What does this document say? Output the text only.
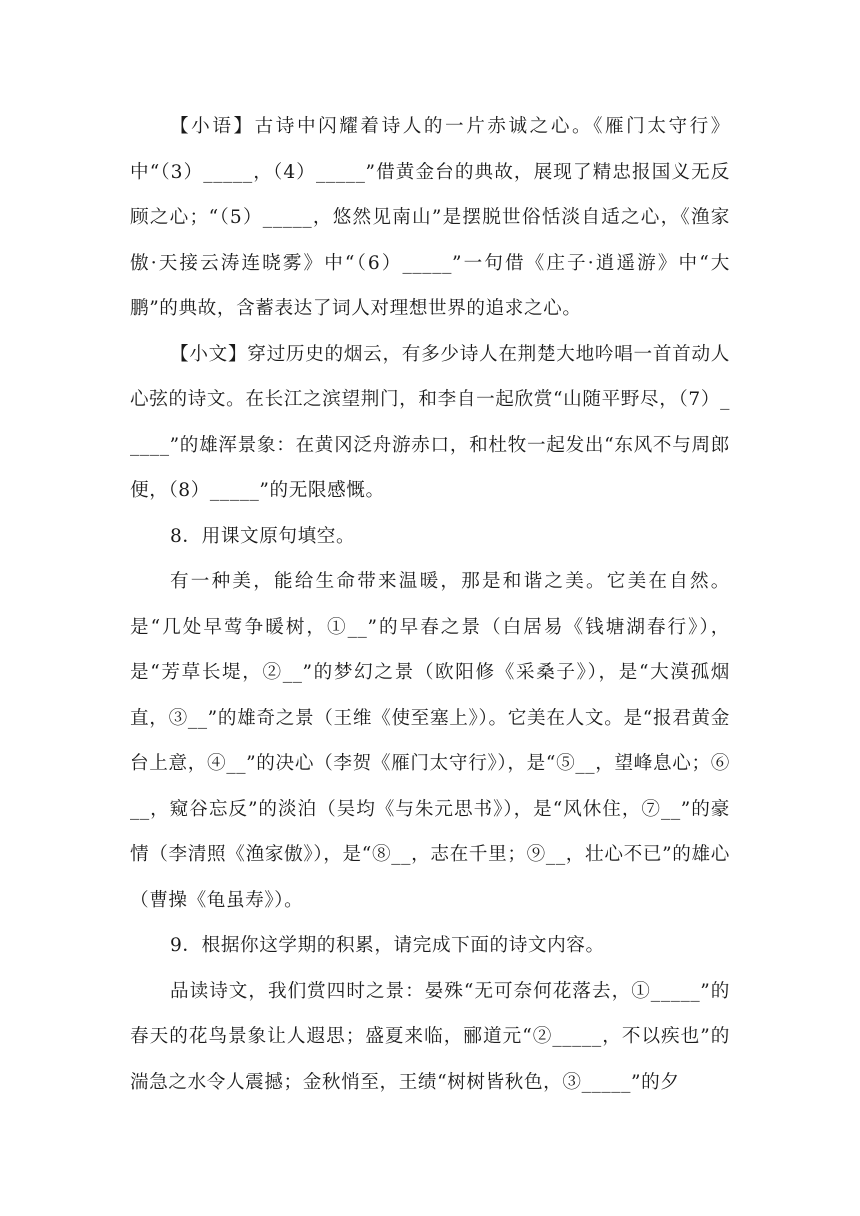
【小语】古诗中闪耀着诗人的一片赤诚之心。《雁门太守行》中“（3）_____，（4）_____”借黄金台的典故，展现了精忠报国义无反顾之心；“（5）_____，悠然见南山”是摆脱世俗恬淡自适之心，《渔家傲·天接云涛连晓雾》中“（6）_____”一句借《庄子·逍遥游》中“大鹏”的典故，含蓄表达了词人对理想世界的追求之心。

【小文】穿过历史的烟云，有多少诗人在荆楚大地吟唱一首首动人心弦的诗文。在长江之滨望荆门，和李自一起欣赏“山随平野尽，（7）_____”的雄浑景象：在黄冈泛舟游赤口，和杜牧一起发出“东风不与周郎便，（8）_____”的无限感慨。

8．用课文原句填空。

有一种美，能给生命带来温暖，那是和谐之美。它美在自然。是“几处早莺争暖树，①__”的早春之景（白居易《钱塘湖春行》），是“芳草长堤，②__”的梦幻之景（欧阳修《采桑子》），是“大漠孤烟直，③__”的雄奇之景（王维《使至塞上》）。它美在人文。是“报君黄金台上意，④__”的决心（李贺《雁门太守行》），是“⑤__，望峰息心；⑥__，窥谷忘反”的淡泊（吴均《与朱元思书》），是“风休住，⑦__”的豪情（李清照《渔家傲》），是“⑧__，志在千里；⑨__，壮心不已”的雄心（曹操《龟虽寿》）。

9．根据你这学期的积累，请完成下面的诗文内容。

品读诗文，我们赏四时之景：晏殊“无可奈何花落去，①_____”的春天的花鸟景象让人遐思；盛夏来临，郦道元“②_____，不以疾也”的湍急之水令人震撼；金秋悄至，王绩“树树皆秋色，③_____”的夕
